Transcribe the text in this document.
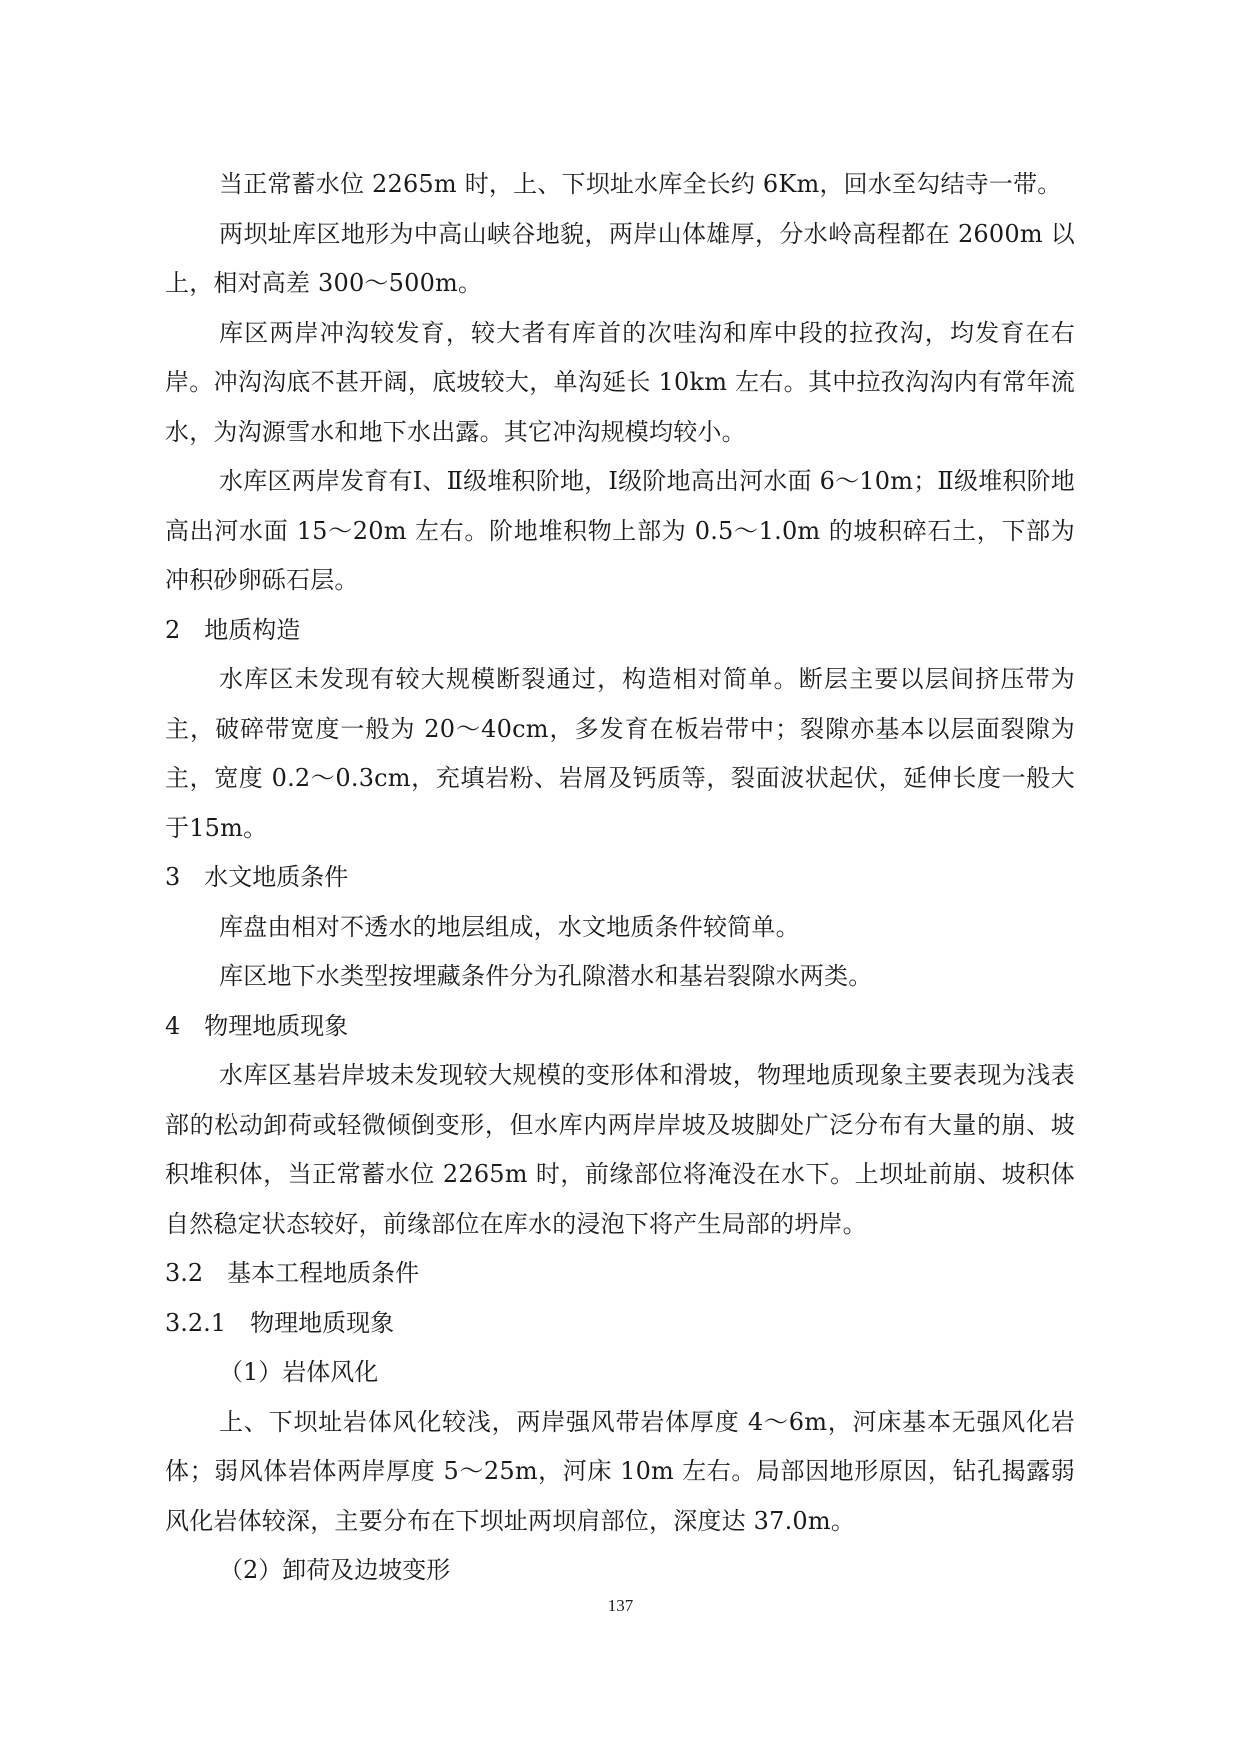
当正常蓄水位 2265m 时，上、下坝址水库全长约 6Km，回水至勾结寺一带。

两坝址库区地形为中高山峡谷地貌，两岸山体雄厚，分水岭高程都在 2600m 以上，相对高差 300～500m。

库区两岸冲沟较发育，较大者有库首的次哇沟和库中段的拉孜沟，均发育在右岸。冲沟沟底不甚开阔，底坡较大，单沟延长 10km 左右。其中拉孜沟沟内有常年流水，为沟源雪水和地下水出露。其它冲沟规模均较小。

水库区两岸发育有Ⅰ、Ⅱ级堆积阶地，Ⅰ级阶地高出河水面 6～10m；Ⅱ级堆积阶地高出河水面 15～20m 左右。阶地堆积物上部为 0.5～1.0m 的坡积碎石土，下部为冲积砂卵砾石层。

2　地质构造

水库区未发现有较大规模断裂通过，构造相对简单。断层主要以层间挤压带为主，破碎带宽度一般为 20～40cm，多发育在板岩带中；裂隙亦基本以层面裂隙为主，宽度 0.2～0.3cm，充填岩粉、岩屑及钙质等，裂面波状起伏，延伸长度一般大于15m。

3　水文地质条件

库盘由相对不透水的地层组成，水文地质条件较简单。

库区地下水类型按埋藏条件分为孔隙潜水和基岩裂隙水两类。

4　物理地质现象

水库区基岩岸坡未发现较大规模的变形体和滑坡，物理地质现象主要表现为浅表部的松动卸荷或轻微倾倒变形，但水库内两岸岸坡及坡脚处广泛分布有大量的崩、坡积堆积体，当正常蓄水位 2265m 时，前缘部位将淹没在水下。上坝址前崩、坡积体自然稳定状态较好，前缘部位在库水的浸泡下将产生局部的坍岸。

3.2　基本工程地质条件

3.2.1　物理地质现象

（1）岩体风化

上、下坝址岩体风化较浅，两岸强风带岩体厚度 4～6m，河床基本无强风化岩体；弱风体岩体两岸厚度 5～25m，河床 10m 左右。局部因地形原因，钻孔揭露弱风化岩体较深，主要分布在下坝址两坝肩部位，深度达 37.0m。

（2）卸荷及边坡变形

137
